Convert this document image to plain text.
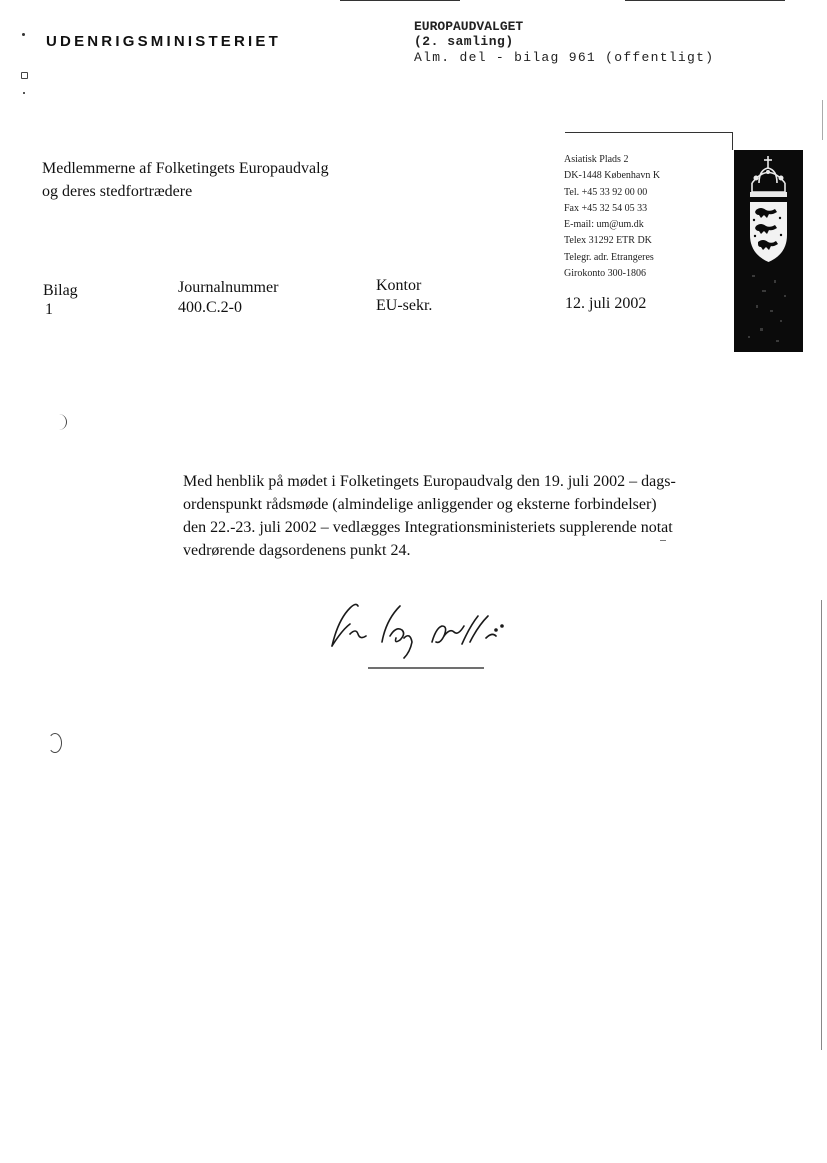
UDENRIGSMINISTERIET
EUROPAUDVALGET
(2. samling)
Alm. del - bilag 961 (offentligt)
Medlemmerne af Folketingets Europaudvalg
og deres stedfortrædere
Asiatisk Plads 2
DK-1448 København K
Tel. +45 33 92 00 00
Fax +45 32 54 05 33
E-mail: um@um.dk
Telex 31292 ETR DK
Telegr. adr. Etrangeres
Girokonto 300-1806
Bilag
1
Journalnummer
400.C.2-0
Kontor
EU-sekr.	12. juli 2002
Med henblik på mødet i Folketingets Europaudvalg den 19. juli 2002 – dags-
ordenspunkt rådsmøde (almindelige anliggender og eksterne forbindelser)
den 22.-23. juli 2002 – vedlægges Integrationsministeriets supplerende notat
vedrørende dagsordenens punkt 24.
